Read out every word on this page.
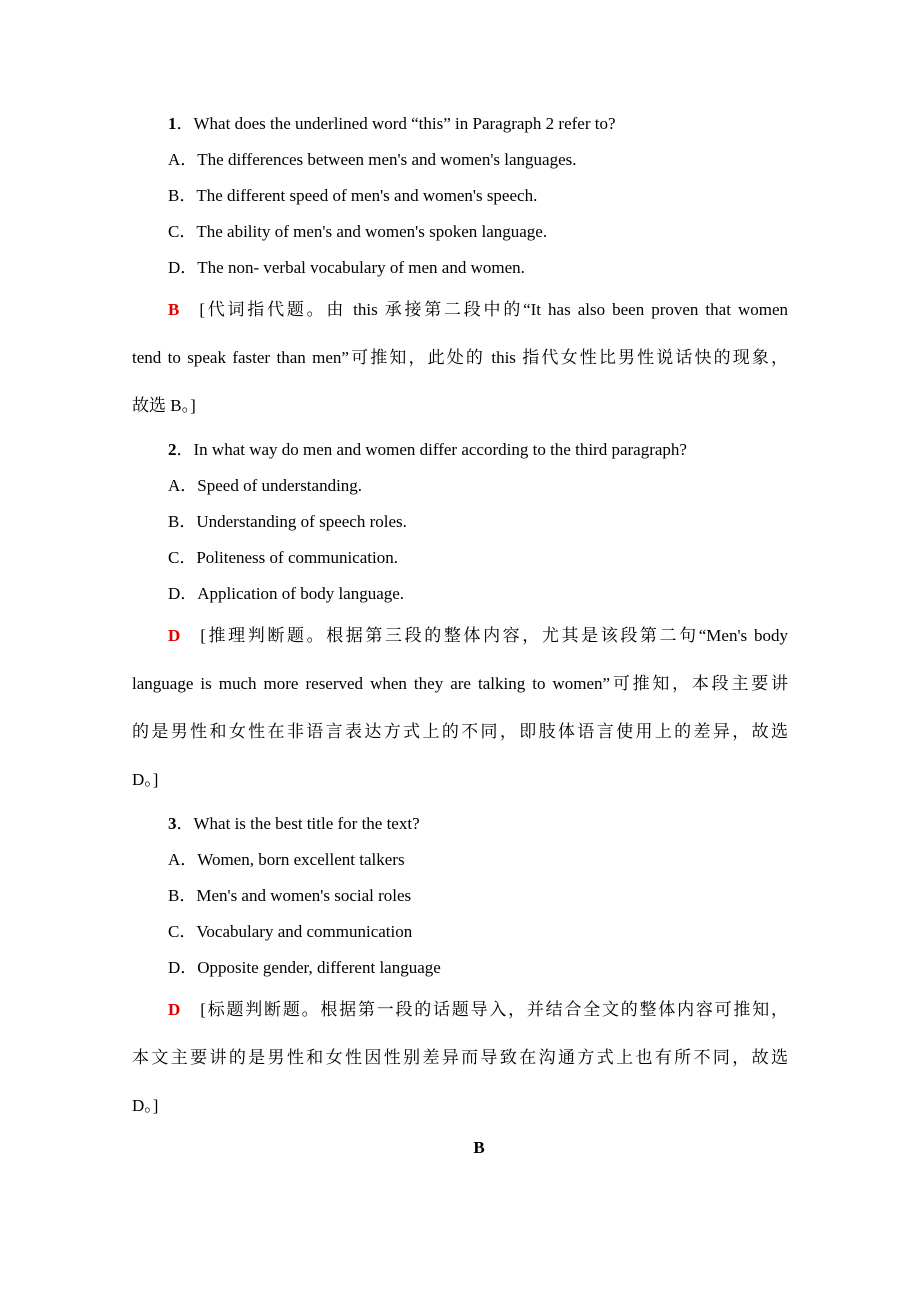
1．What does the underlined word “this” in Paragraph 2 refer to?
A．The differences between men's and women's languages.
B．The different speed of men's and women's speech.
C．The ability of men's and women's spoken language.
D．The non- verbal vocabulary of men and women.
B [代词指代题。由 this 承接第二段中的“It has also been proven that women
tend to speak faster than men”可推知，此处的 this 指代女性比男性说话快的现象，
故选 B。]
2．In what way do men and women differ according to the third paragraph?
A．Speed of understanding.
B．Understanding of speech roles.
C．Politeness of communication.
D．Application of body language.
D [推理判断题。根据第三段的整体内容，尤其是该段第二句“Men's body
language is much more reserved when they are talking to women”可推知，本段主要讲
的是男性和女性在非语言表达方式上的不同，即肢体语言使用上的差异，故选
D。]
3．What is the best title for the text?
A．Women, born excellent talkers
B．Men's and women's social roles
C．Vocabulary and communication
D．Opposite gender, different language
D [标题判断题。根据第一段的话题导入，并结合全文的整体内容可推知，
本文主要讲的是男性和女性因性别差异而导致在沟通方式上也有所不同，故选
D。]
B
